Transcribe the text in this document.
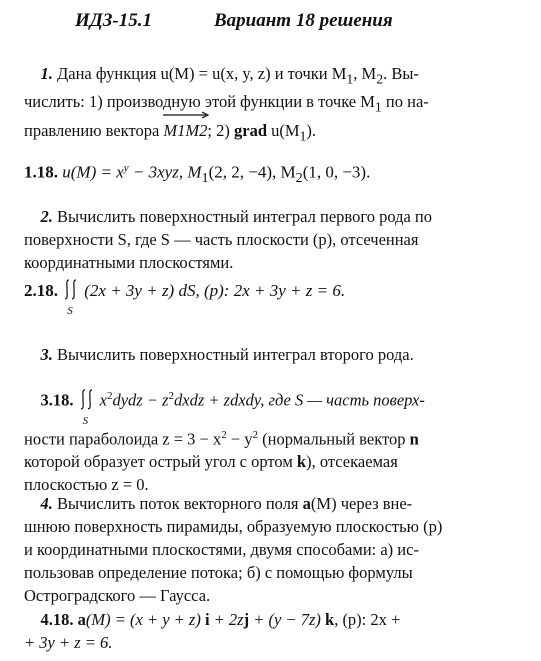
ИДЗ-15.1	Вариант 18 решения
1. Дана функция u(M) = u(x, y, z) и точки $M_1$, $M_2$. Вы-
числить: 1) производную этой функции в точке $M_1$ по на-
правлению вектора
M1M2; 2) grad $u(M_1)$.
1.18. $u(M) = x^y - 3xyz$, $M_1(2$, 2, −4), $M_2(1$, 0, −3).
2. Вычислить поверхностный интеграл первого рода по
поверхности S, где S — часть плоскости (p), отсеченная
координатными плоскостями.
2.18.
S
(2x + 3y + z) dS, (p): 2x + 3y + z = 6.
3. Вычислить поверхностный интеграл второго рода.
3.18.
S
$x^2dydz$ − $z^2dxdz$ + zdxdy, где S — часть поверх-
ности параболоида $z = 3 - x^2 - y^2$ (нормальный вектор n
которой образует острый угол с ортом k), отсекаемая
плоскостью z = 0.
4. Вычислить поток векторного поля a(M) через вне-
шнюю поверхность пирамиды, образуемую плоскостью (p)
и координатными плоскостями, двумя способами: а) ис-
пользовав определение потока; б) с помощью формулы
Остроградского — Гаусса.
4.18. a(M) = (x + y + z) i + 2zj + (y − 7z) k, (p): 2x +
+ 3y + z = 6.
